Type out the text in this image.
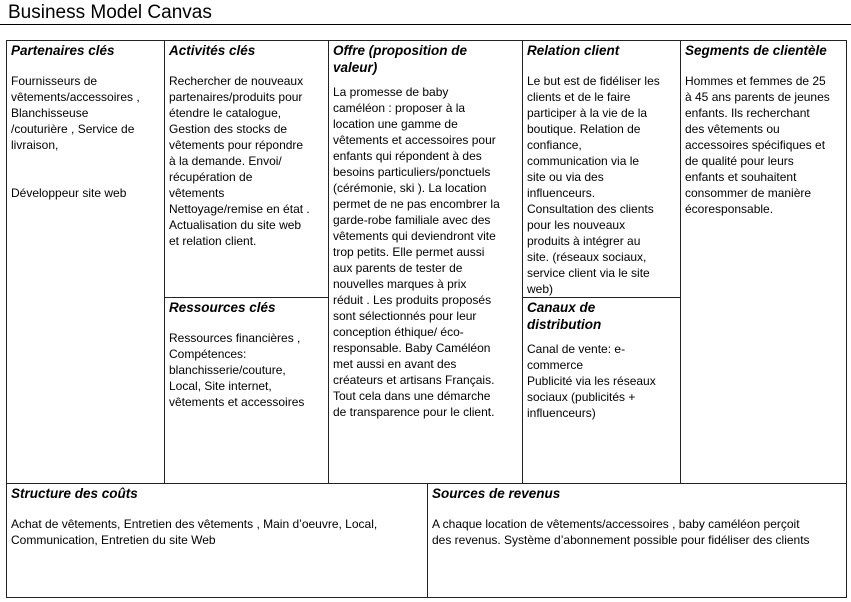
Business Model Canvas
Partenaires clés
Fournisseurs de
vêtements/accessoires ,
Blanchisseuse
/couturière , Service de
livraison,

Développeur site web
Activités clés
Rechercher de nouveaux
partenaires/produits pour
étendre le catalogue,
Gestion des stocks de
vêtements pour répondre
à la demande. Envoi/
récupération de
vêtements
Nettoyage/remise en état .
Actualisation du site web
et relation client.
Ressources clés
Ressources financières ,
Compétences:
blanchisserie/couture,
Local, Site internet,
vêtements et accessoires
Offre (proposition de
valeur)
La promesse de baby
caméléon : proposer à la
location une gamme de
vêtements et accessoires pour
enfants qui répondent à des
besoins particuliers/ponctuels
(cérémonie, ski ). La location
permet de ne pas encombrer la
garde-robe familiale avec des
vêtements qui deviendront vite
trop petits. Elle permet aussi
aux parents de tester de
nouvelles marques à prix
réduit . Les produits proposés
sont sélectionnés pour leur
conception éthique/ éco-
responsable. Baby Caméléon
met aussi en avant des
créateurs et artisans Français.
Tout cela dans une démarche
de transparence pour le client.
Relation client
Le but est de fidéliser les
clients et de le faire
participer à la vie de la
boutique. Relation de
confiance,
communication via le
site ou via des
influenceurs.
Consultation des clients
pour les nouveaux
produits à intégrer au
site. (réseaux sociaux,
service client via le site
web)
Canaux de
distribution
Canal de vente: e-
commerce
Publicité via les réseaux
sociaux (publicités +
influenceurs)
Segments de clientèle
Hommes et femmes de 25
à 45 ans parents de jeunes
enfants. Ils recherchant
des vêtements ou
accessoires spécifiques et
de qualité pour leurs
enfants et souhaitent
consommer de manière
écoresponsable.
Structure des coûts
Achat de vêtements, Entretien des vêtements , Main d’oeuvre, Local,
Communication, Entretien du site Web
Sources de revenus
A chaque location de vêtements/accessoires , baby caméléon perçoit
des revenus. Système d’abonnement possible pour fidéliser des clients
